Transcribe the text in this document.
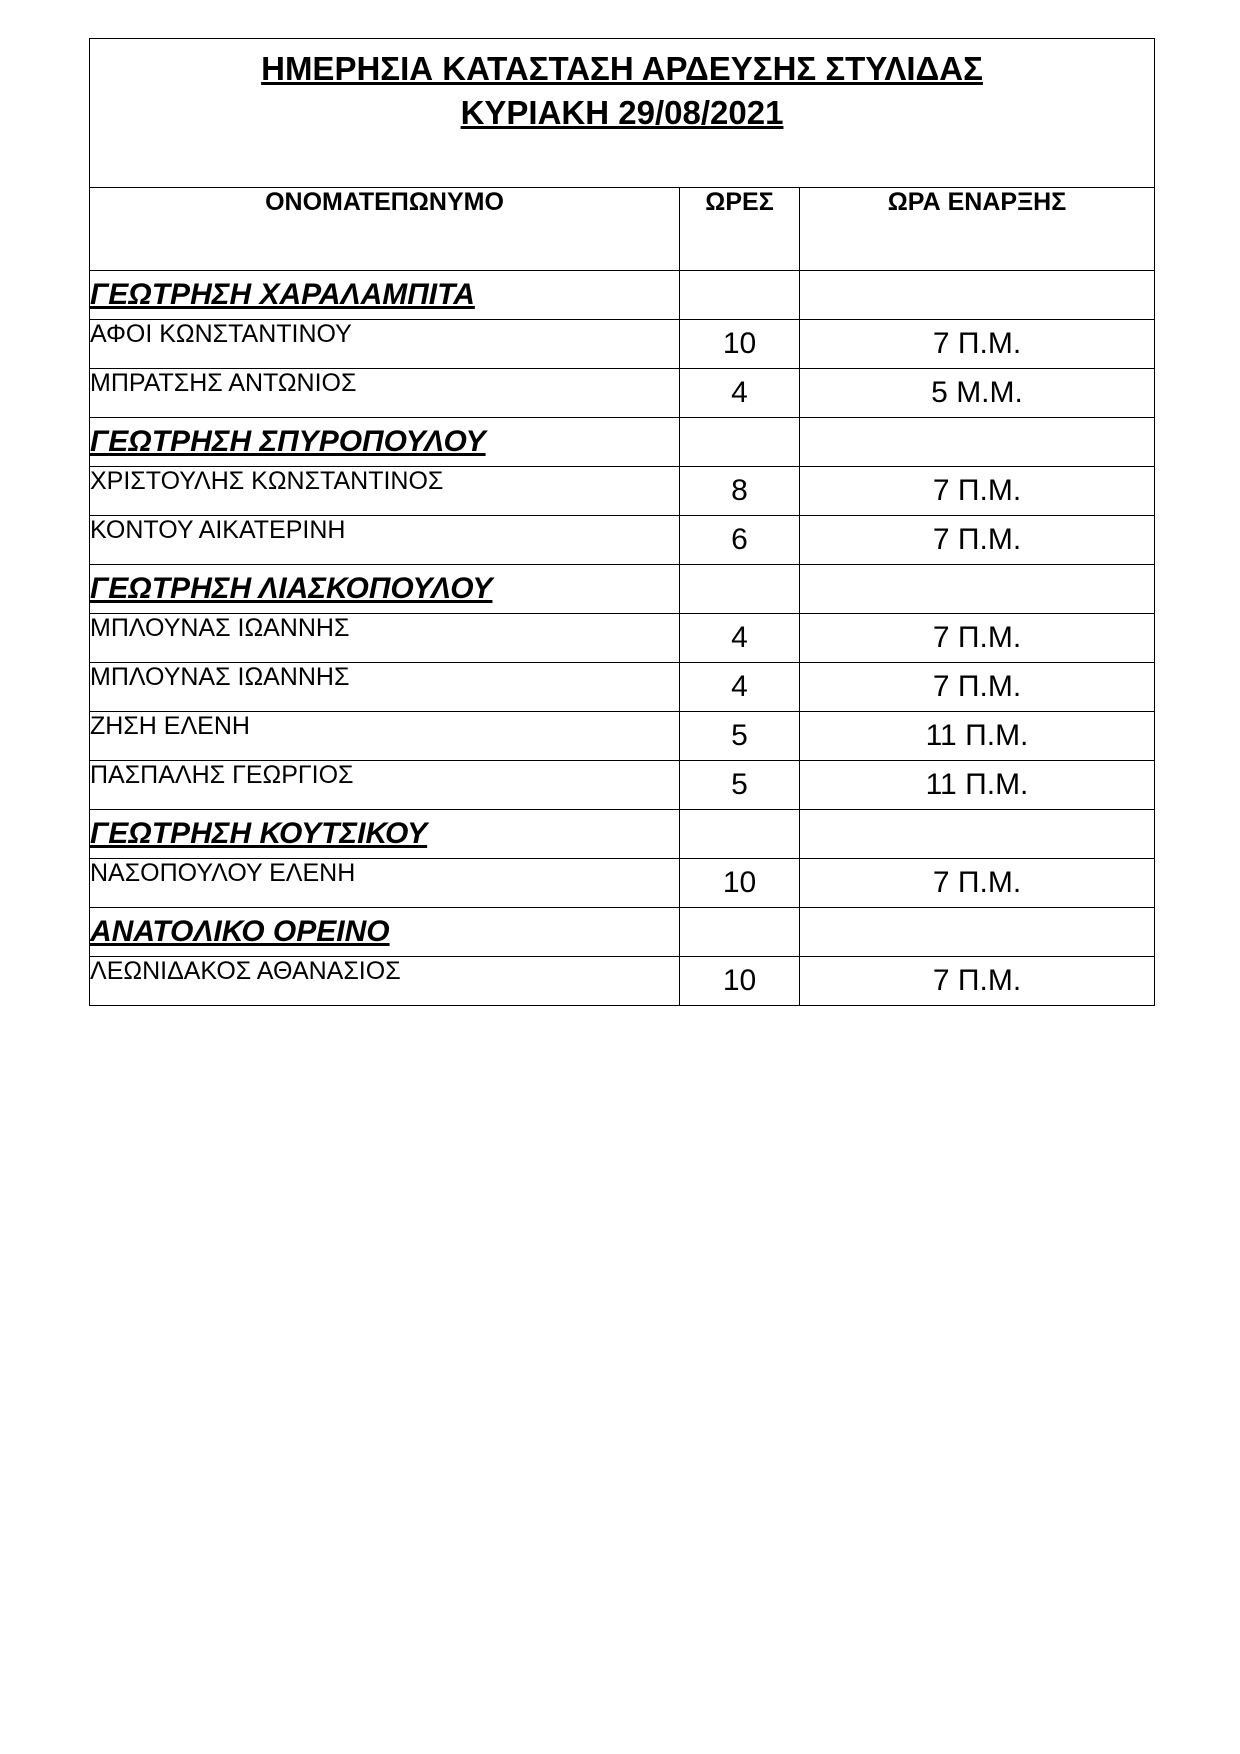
ΗΜΕΡΗΣΙΑ ΚΑΤΑΣΤΑΣΗ ΑΡΔΕΥΣΗΣ ΣΤΥΛΙΔΑΣ
ΚΥΡΙΑΚΗ 29/08/2021		

ΟΝΟΜΑΤΕΠΩΝΥΜΟ	ΩΡΕΣ	ΩΡΑ ΕΝΑΡΞΗΣ
ΓΕΩΤΡΗΣΗ ΧΑΡΑΛΑΜΠΙΤΑ		
ΑΦΟΙ ΚΩΝΣΤΑΝΤΙΝΟΥ	10	7 Π.Μ.
ΜΠΡΑΤΣΗΣ ΑΝΤΩΝΙΟΣ	4	5 Μ.Μ.
ΓΕΩΤΡΗΣΗ ΣΠΥΡΟΠΟΥΛΟΥ		
ΧΡΙΣΤΟΥΛΗΣ ΚΩΝΣΤΑΝΤΙΝΟΣ	8	7 Π.Μ.
ΚΟΝΤΟΥ ΑΙΚΑΤΕΡΙΝΗ	6	7 Π.Μ.
ΓΕΩΤΡΗΣΗ ΛΙΑΣΚΟΠΟΥΛΟΥ		
ΜΠΛΟΥΝΑΣ ΙΩΑΝΝΗΣ	4	7 Π.Μ.
ΜΠΛΟΥΝΑΣ ΙΩΑΝΝΗΣ	4	7 Π.Μ.
ΖΗΣΗ ΕΛΕΝΗ	5	11 Π.Μ.
ΠΑΣΠΑΛΗΣ ΓΕΩΡΓΙΟΣ	5	11 Π.Μ.
ΓΕΩΤΡΗΣΗ ΚΟΥΤΣΙΚΟΥ		
ΝΑΣΟΠΟΥΛΟΥ ΕΛΕΝΗ	10	7 Π.Μ.
ΑΝΑΤΟΛΙΚΟ ΟΡΕΙΝΟ		
ΛΕΩΝΙΔΑΚΟΣ ΑΘΑΝΑΣΙΟΣ	10	7 Π.Μ.
